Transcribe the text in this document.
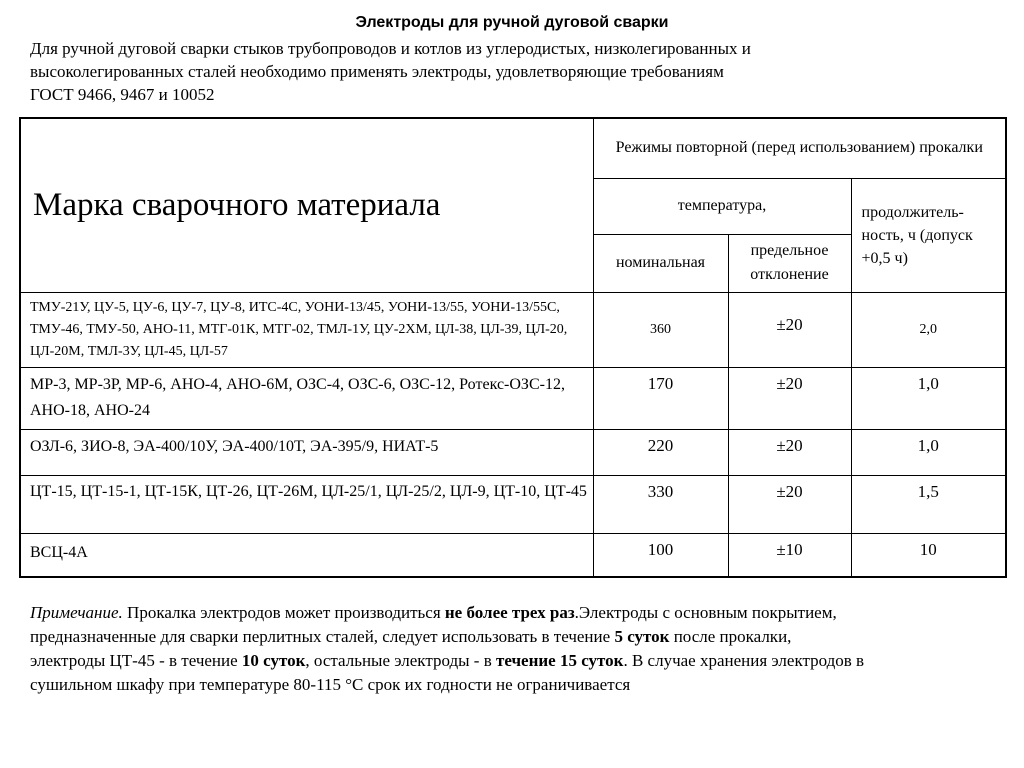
Электроды для ручной дуговой сварки
Для ручной дуговой сварки стыков трубопроводов и котлов из углеродистых, низколегированных и
высоколегированных сталей необходимо применять электроды, удовлетворяющие требованиям
ГОСТ 9466, 9467 и 10052
Марка сварочного материала	Режимы повторной (перед использованием) прокалки		
	температура,		продолжитель-ность, ч (допуск +0,5 ч)
	номинальная	предельное отклонение	
ТМУ-21У, ЦУ-5, ЦУ-6, ЦУ-7, ЦУ-8, ИТС-4С, УОНИ-13/45, УОНИ-13/55, УОНИ-13/55С, ТМУ-46, ТМУ-50, АНО-11, МТГ-01К, МТГ-02, ТМЛ-1У, ЦУ-2ХМ, ЦЛ-38, ЦЛ-39, ЦЛ-20, ЦЛ-20М, ТМЛ-3У, ЦЛ-45, ЦЛ-57	360	±20	2,0
МР-3, МР-3Р, МР-6, АНО-4, АНО-6М, ОЗС-4, ОЗС-6, ОЗС-12, Ротекс-ОЗС-12, АНО-18, АНО-24	170	±20	1,0
ОЗЛ-6, ЗИО-8, ЭА-400/10У, ЭА-400/10Т, ЭА-395/9, НИАТ-5	220	±20	1,0
ЦТ-15, ЦТ-15-1, ЦТ-15К, ЦТ-26, ЦТ-26М, ЦЛ-25/1, ЦЛ-25/2, ЦЛ-9, ЦТ-10, ЦТ-45	330	±20	1,5
ВСЦ-4А	100	±10	10
Примечание. Прокалка электродов может производиться не более трех раз.Электроды с основным покрытием,
предназначенные для сварки перлитных сталей, следует использовать в течение 5 суток после прокалки,
электроды ЦТ-45 - в течение 10 суток, остальные электроды - в течение 15 суток. В случае хранения электродов в
сушильном шкафу при температуре 80-115 °С срок их годности не ограничивается
